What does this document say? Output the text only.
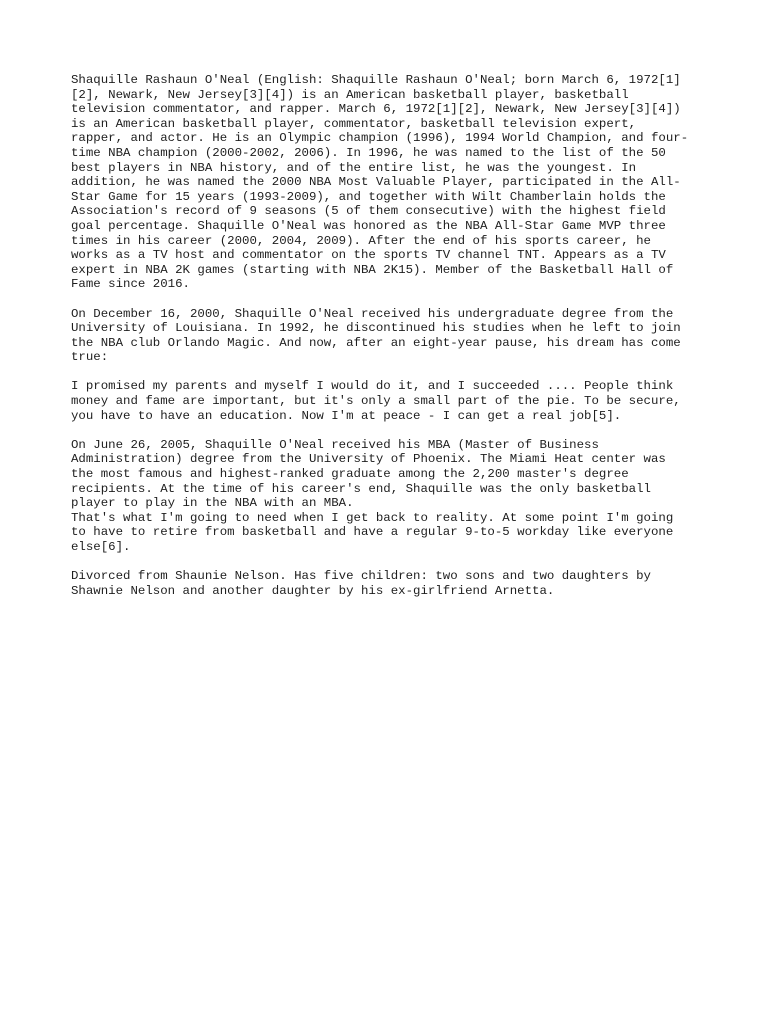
Shaquille Rashaun O'Neal (English: Shaquille Rashaun O'Neal; born March 6, 1972[1]
[2], Newark, New Jersey[3][4]) is an American basketball player, basketball
television commentator, and rapper. March 6, 1972[1][2], Newark, New Jersey[3][4])
is an American basketball player, commentator, basketball television expert,
rapper, and actor. He is an Olympic champion (1996), 1994 World Champion, and four-
time NBA champion (2000-2002, 2006). In 1996, he was named to the list of the 50
best players in NBA history, and of the entire list, he was the youngest. In
addition, he was named the 2000 NBA Most Valuable Player, participated in the All-
Star Game for 15 years (1993-2009), and together with Wilt Chamberlain holds the
Association's record of 9 seasons (5 of them consecutive) with the highest field
goal percentage. Shaquille O'Neal was honored as the NBA All-Star Game MVP three
times in his career (2000, 2004, 2009). After the end of his sports career, he
works as a TV host and commentator on the sports TV channel TNT. Appears as a TV
expert in NBA 2K games (starting with NBA 2K15). Member of the Basketball Hall of
Fame since 2016.
On December 16, 2000, Shaquille O'Neal received his undergraduate degree from the
University of Louisiana. In 1992, he discontinued his studies when he left to join
the NBA club Orlando Magic. And now, after an eight-year pause, his dream has come
true:
I promised my parents and myself I would do it, and I succeeded .... People think
money and fame are important, but it's only a small part of the pie. To be secure,
you have to have an education. Now I'm at peace - I can get a real job[5].
On June 26, 2005, Shaquille O'Neal received his MBA (Master of Business
Administration) degree from the University of Phoenix. The Miami Heat center was
the most famous and highest-ranked graduate among the 2,200 master's degree
recipients. At the time of his career's end, Shaquille was the only basketball
player to play in the NBA with an MBA.
That's what I'm going to need when I get back to reality. At some point I'm going
to have to retire from basketball and have a regular 9-to-5 workday like everyone
else[6].
Divorced from Shaunie Nelson. Has five children: two sons and two daughters by
Shawnie Nelson and another daughter by his ex-girlfriend Arnetta.
